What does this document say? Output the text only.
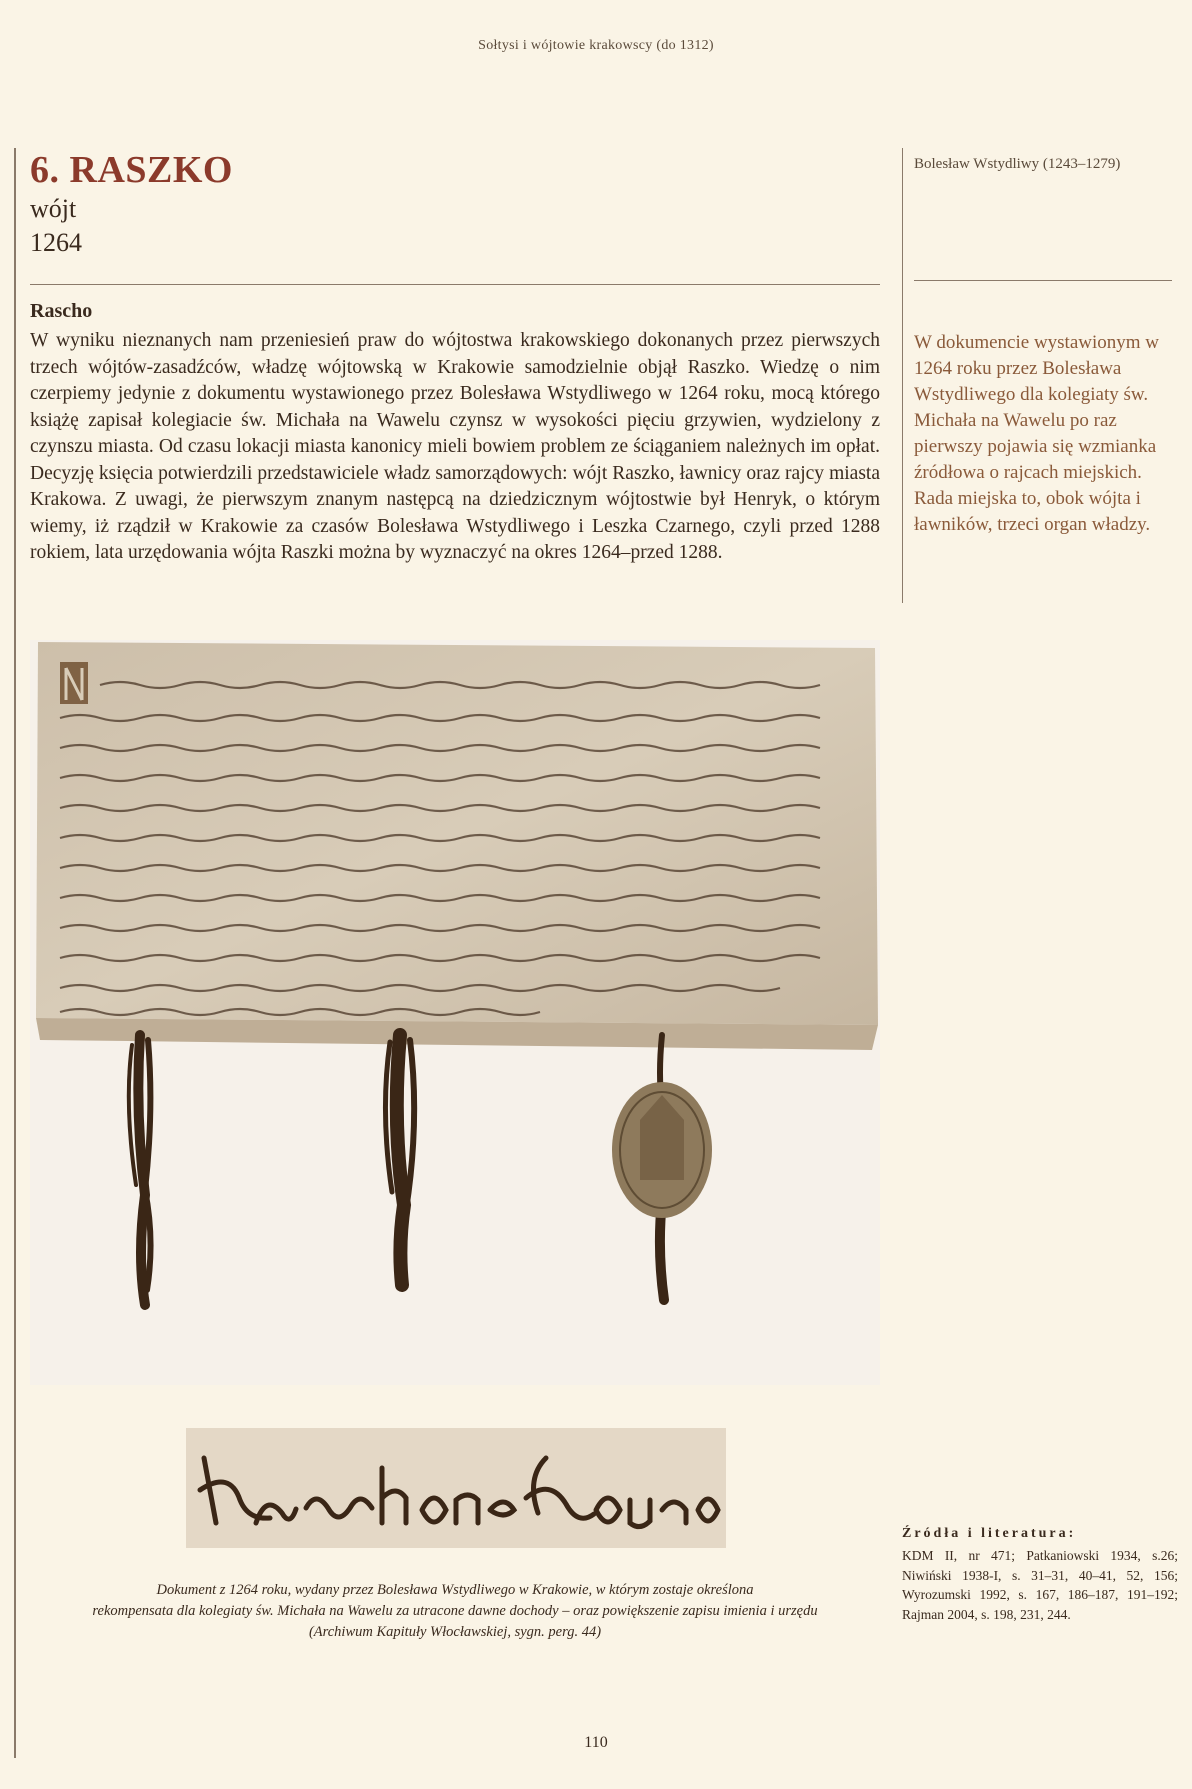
Sołtysi i wójtowie krakowscy (do 1312)
6. RASZKO
wójt
1264
Bolesław Wstydliwy (1243–1279)
Rascho

W wyniku nieznanych nam przeniesień praw do wójtostwa krakowskiego dokonanych przez pierwszych trzech wójtów-zasadźców, władzę wójtowską w Krakowie samodzielnie objął Raszko. Wiedzę o nim czerpiemy jedynie z dokumentu wystawionego przez Bolesława Wstydliwego w 1264 roku, mocą którego książę zapisał kolegiacie św. Michała na Wawelu czynsz w wysokości pięciu grzywien, wydzielony z czynszu miasta. Od czasu lokacji miasta kanonicy mieli bowiem problem ze ściąganiem należnych im opłat. Decyzję księcia potwierdzili przedstawiciele władz samorządowych: wójt Raszko, ławnicy oraz rajcy miasta Krakowa. Z uwagi, że pierwszym znanym następcą na dziedzicznym wójtostwie był Henryk, o którym wiemy, iż rządził w Krakowie za czasów Bolesława Wstydliwego i Leszka Czarnego, czyli przed 1288 rokiem, lata urzędowania wójta Raszki można by wyznaczyć na okres 1264–przed 1288.

W dokumencie wystawionym w 1264 roku przez Bolesława Wstydliwego dla kolegiaty św. Michała na Wawelu po raz pierwszy pojawia się wzmianka źródłowa o rajcach miejskich. Rada miejska to, obok wójta i ławników, trzeci organ władzy.
Dokument z 1264 roku, wydany przez Bolesława Wstydliwego w Krakowie, w którym zostaje określona
rekompensata dla kolegiaty św. Michała na Wawelu za utracone dawne dochody – oraz powiększenie zapisu imienia i urzędu
(Archiwum Kapituły Włocławskiej, sygn. perg. 44)
Źródła i literatura:
KDM II, nr 471; Patkaniowski 1934, s.26; Niwiński 1938-I, s. 31–31, 40–41, 52, 156; Wyrozumski 1992, s. 167, 186–187, 191–192; Rajman 2004, s. 198, 231, 244.
110
